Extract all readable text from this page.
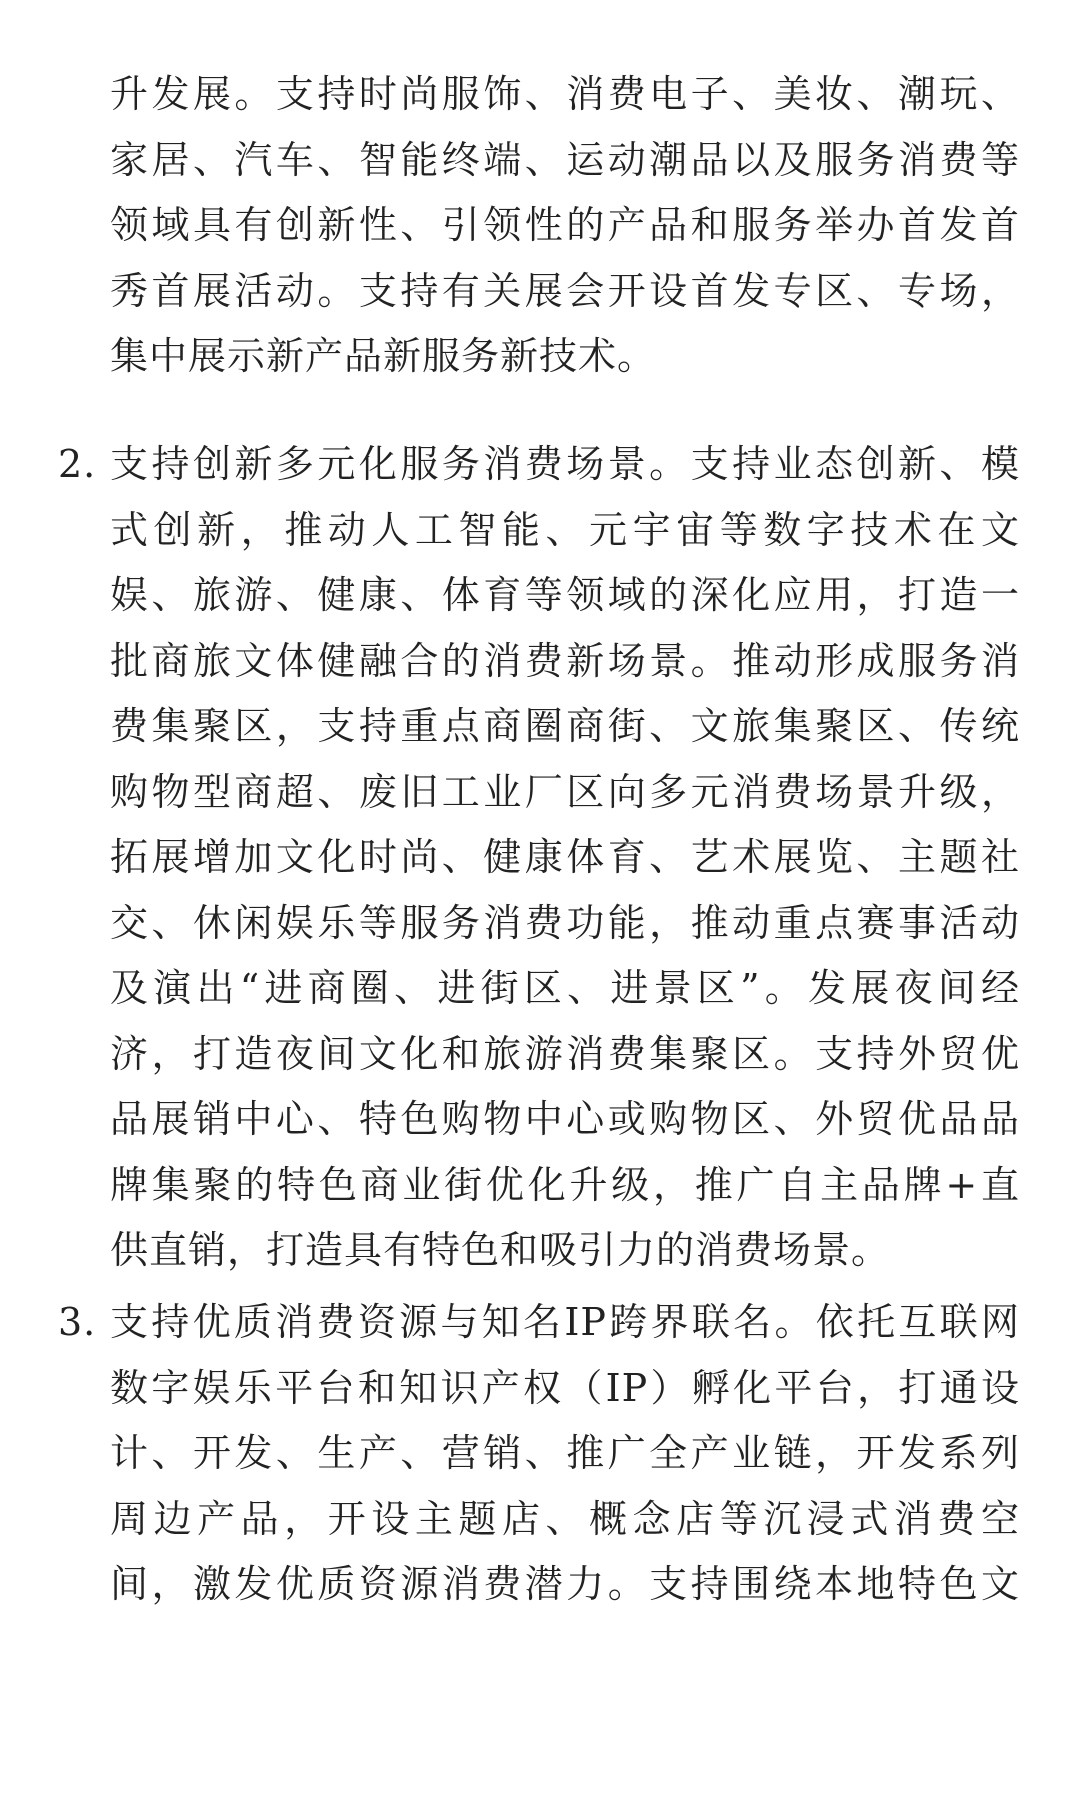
升发展。支持时尚服饰、消费电子、美妆、潮玩、
家居、汽车、智能终端、运动潮品以及服务消费等
领域具有创新性、引领性的产品和服务举办首发首
秀首展活动。支持有关展会开设首发专区、专场，
集中展示新产品新服务新技术。
2. 支持创新多元化服务消费场景。支持业态创新、模
式创新，推动人工智能、元宇宙等数字技术在文
娱、旅游、健康、体育等领域的深化应用，打造一
批商旅文体健融合的消费新场景。推动形成服务消
费集聚区，支持重点商圈商街、文旅集聚区、传统
购物型商超、废旧工业厂区向多元消费场景升级，
拓展增加文化时尚、健康体育、艺术展览、主题社
交、休闲娱乐等服务消费功能，推动重点赛事活动
及演出“进商圈、进街区、进景区”。发展夜间经
济，打造夜间文化和旅游消费集聚区。支持外贸优
品展销中心、特色购物中心或购物区、外贸优品品
牌集聚的特色商业街优化升级，推广自主品牌+直
供直销，打造具有特色和吸引力的消费场景。
3. 支持优质消费资源与知名IP跨界联名。依托互联网
数字娱乐平台和知识产权（IP）孵化平台，打通设
计、开发、生产、营销、推广全产业链，开发系列
周边产品，开设主题店、概念店等沉浸式消费空
间，激发优质资源消费潜力。支持围绕本地特色文
